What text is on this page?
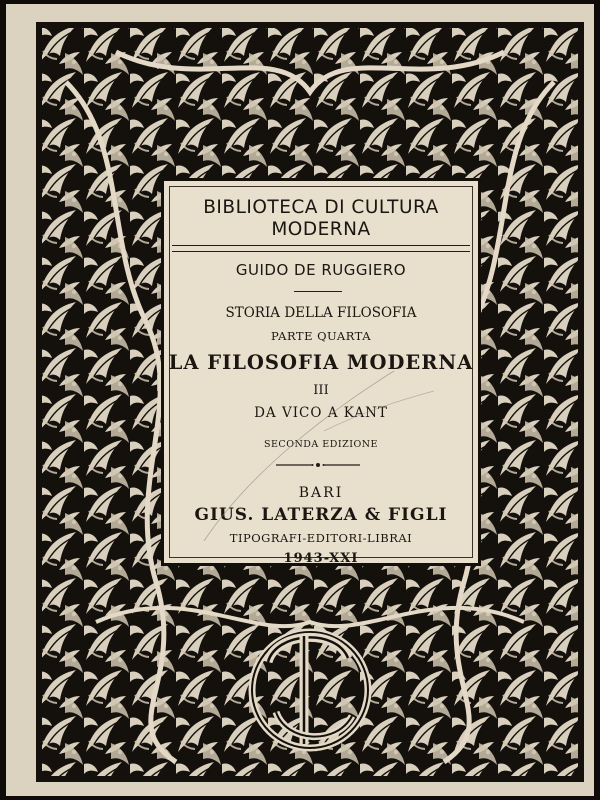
BIBLIOTECA DI CULTURA
MODERNA
GUIDO DE RUGGIERO
STORIA DELLA FILOSOFIA
PARTE QUARTA
LA FILOSOFIA MODERNA
III
DA VICO A KANT
SECONDA EDIZIONE
BARI
GIUS. LATERZA & FIGLI
TIPOGRAFI-EDITORI-LIBRAI
1943-XXI
